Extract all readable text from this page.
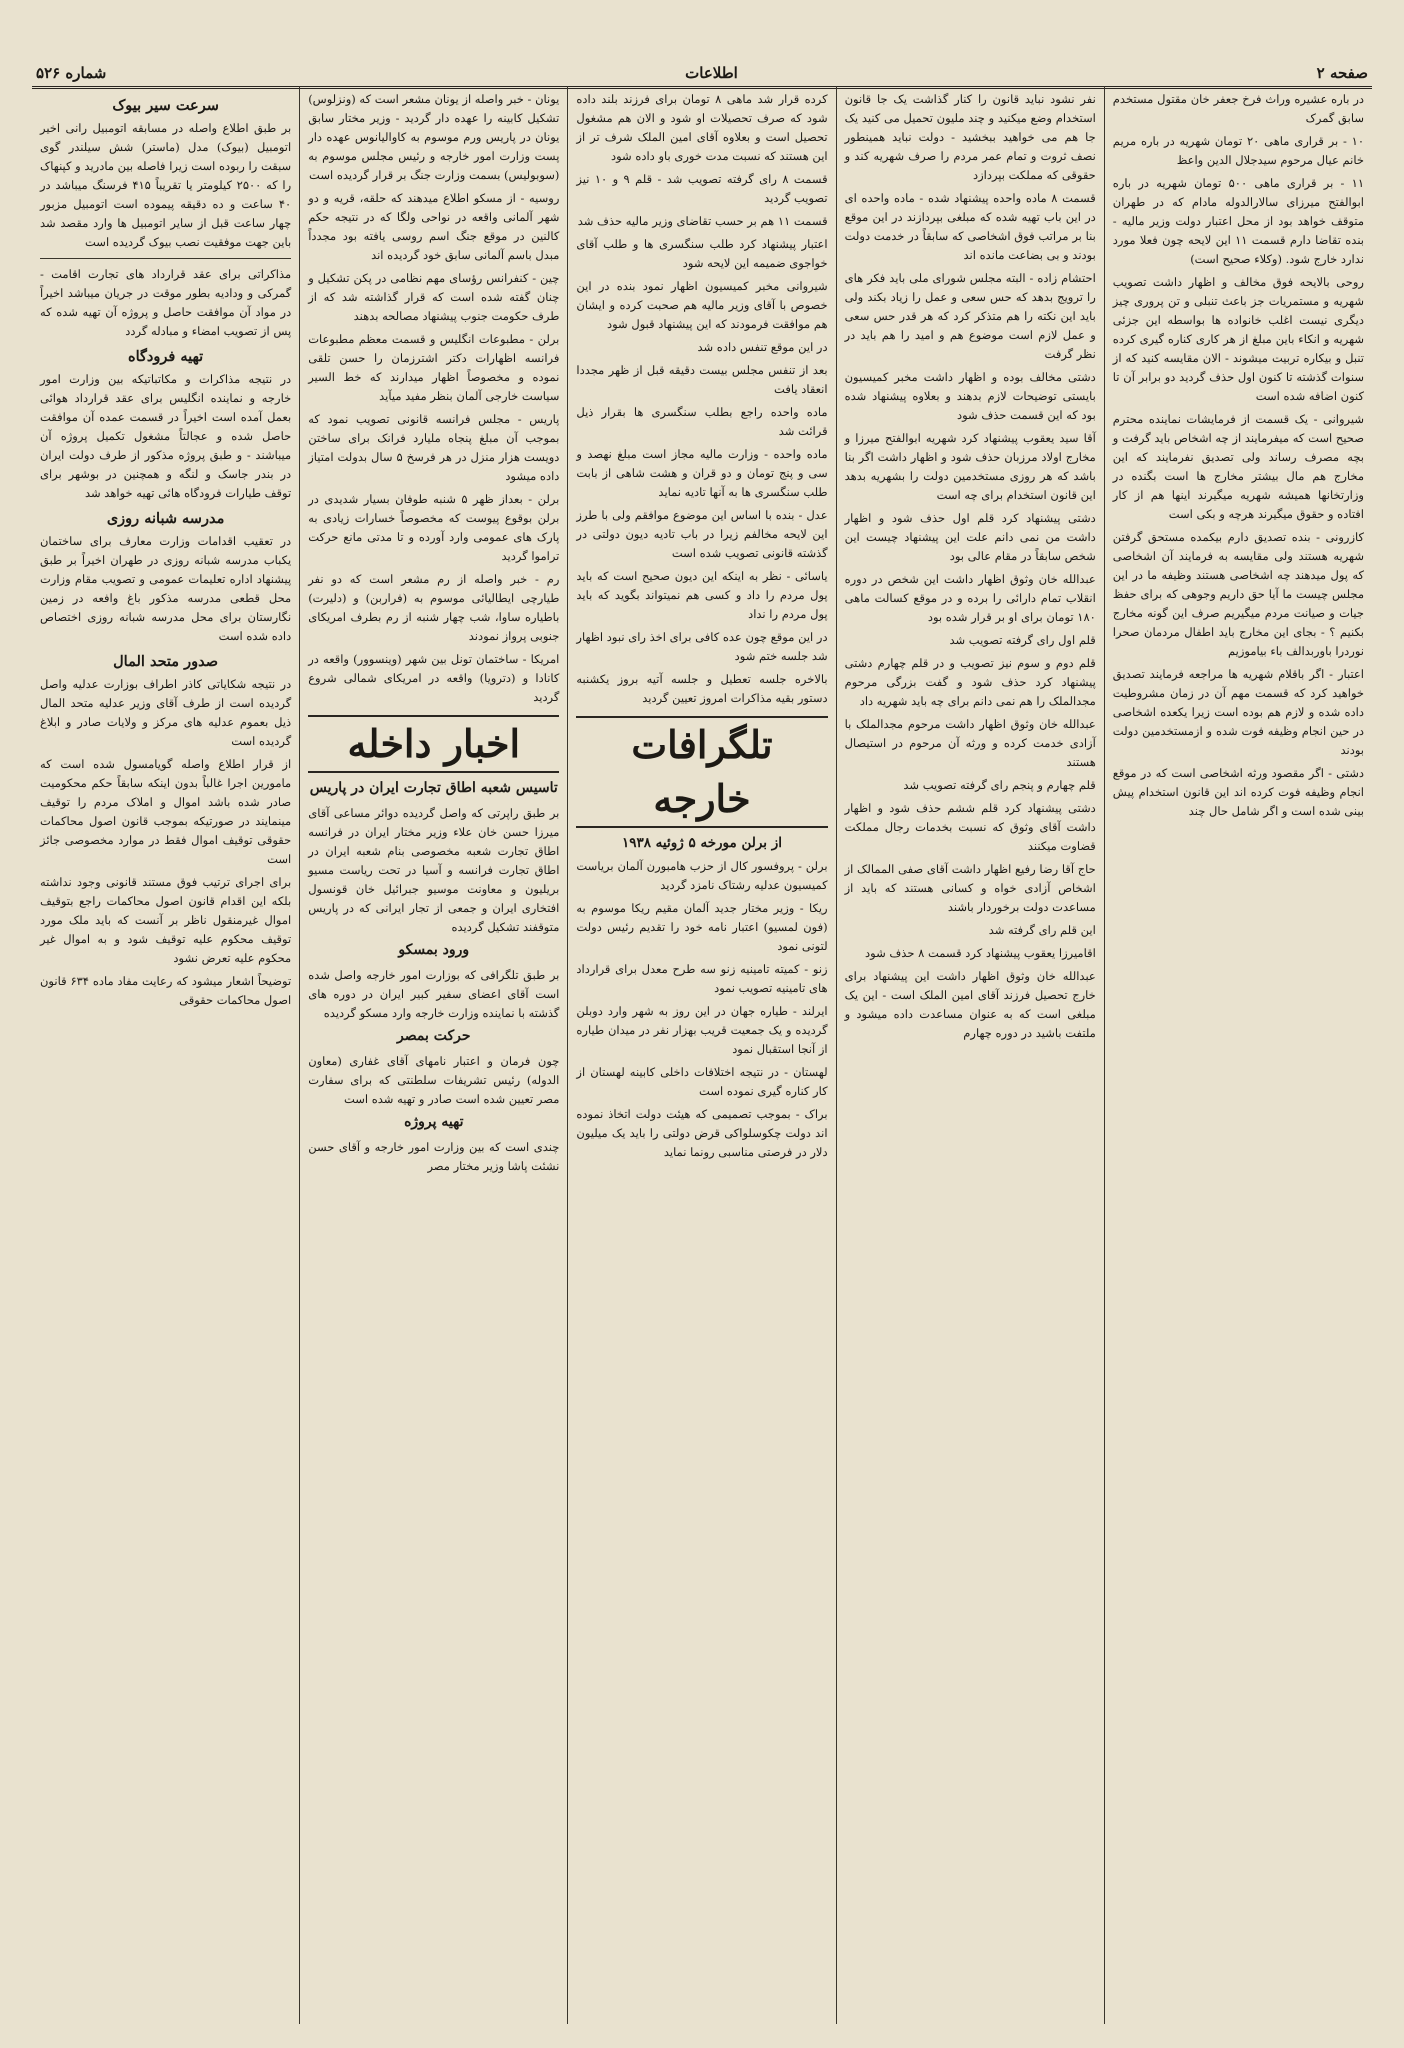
صفحه ۲
اطلاعات
شماره ۵۲۶

در باره عشیره وراث فرخ جعفر خان مقتول مستخدم سابق گمرک

۱۰ - بر قراری ماهی ۲۰ تومان شهریه در باره مریم خانم عیال مرحوم سیدجلال الدین واعظ

۱۱ - بر قراری ماهی ۵۰۰ تومان شهریه در باره ابوالفتح میرزای سالارالدوله مادام که در طهران متوقف خواهد بود از محل اعتبار دولت وزیر مالیه - بنده تقاضا دارم قسمت ۱۱ این لایحه چون فعلا مورد ندارد خارج شود. (وکلاء صحیح است)

روحی بالایحه فوق مخالف و اظهار داشت تصویب شهریه و مستمریات جز باعث تنبلی و تن پروری چیز دیگری نیست اغلب خانواده ها بواسطه این جزئی شهریه و انکاء باین مبلغ از هر کاری کناره گیری کرده تنبل و بیکاره تربیت میشوند - الان مقایسه کنید که از سنوات گذشته تا کنون اول حذف گردید دو برابر آن تا کنون اضافه شده است

شیروانی - یک قسمت از فرمایشات نماینده محترم صحیح است که میفرمایند از چه اشخاص باید گرفت و بچه مصرف رساند ولی تصدیق نفرمایند که این مخارج هم مال بیشتر مخارج ها است بگنده در وزارتخانها همیشه شهریه میگیرند اینها هم از کار افتاده و حقوق میگیرند هرچه و بکی است

کازرونی - بنده تصدیق دارم بیکمده مستحق گرفتن شهریه هستند ولی مقایسه به فرمایند آن اشخاصی که پول میدهند چه اشخاصی هستند وظیفه ما در این مجلس چیست ما آیا حق داریم وجوهی که برای حفظ جیات و صیانت مردم میگیریم صرف این گونه مخارج بکنیم ؟ - بجای این مخارج باید اطفال مردمان صحرا نوردرا باوربدالف باء بیاموزیم

اعتبار - اگر باقلام شهریه ها مراجعه فرمایند تصدیق خواهید کرد که قسمت مهم آن در زمان مشروطیت داده شده و لازم هم بوده است زیرا یکعده اشخاصی در حین انجام وظیفه فوت شده و ازمستخدمین دولت بودند

دشتی - اگر مقصود ورثه اشخاصی است که در موقع انجام وظیفه فوت کرده اند این قانون استخدام پیش بینی شده است و اگر شامل حال چند

نفر نشود نباید قانون را کنار گذاشت یک جا قانون استخدام وضع میکنید و چند ملیون تحمیل می کنید یک جا هم می خواهید ببخشید - دولت نباید همینطور نصف ثروت و تمام عمر مردم را صرف شهریه کند و حقوقی که مملکت بپردازد

قسمت ۸ ماده واحده پیشنهاد شده - ماده واحده ای در این باب تهیه شده که مبلغی بپردازند در این موقع بنا بر مراتب فوق اشخاصی که سابقاً در خدمت دولت بودند و بی بضاعت مانده اند

احتشام زاده - البته مجلس شورای ملی باید فکر های را ترویج بدهد که حس سعی و عمل را زیاد بکند ولی باید این نکته را هم متذکر کرد که هر قدر حس سعی و عمل لازم است موضوع هم و امید را هم باید در نظر گرفت

دشتی مخالف بوده و اظهار داشت مخبر کمیسیون بایستی توضیحات لازم بدهند و بعلاوه پیشنهاد شده بود که این قسمت حذف شود

آقا سید یعقوب پیشنهاد کرد شهریه ابوالفتح میرزا و مخارج اولاد مرزبان حذف شود و اظهار داشت اگر بنا باشد که هر روزی مستخدمین دولت را بشهریه بدهد این قانون استخدام برای چه است

دشتی پیشنهاد کرد قلم اول حذف شود و اظهار داشت من نمی دانم علت این پیشنهاد چیست این شخص سابقاً در مقام عالی بود

عبدالله خان وثوق اظهار داشت این شخص در دوره انقلاب تمام دارائی را برده و در موقع کسالت ماهی ۱۸۰ تومان برای او بر قرار شده بود

قلم اول رای گرفته تصویب شد

قلم دوم و سوم نیز تصویب و در قلم چهارم دشتی پیشنهاد کرد حذف شود و گفت بزرگی مرحوم مجدالملک را هم نمی دانم برای چه باید شهریه داد

عبدالله خان وثوق اظهار داشت مرحوم مجدالملک با آزادی خدمت کرده و ورثه آن مرحوم در استیصال هستند

قلم چهارم و پنجم رای گرفته تصویب شد

دشتی پیشنهاد کرد قلم ششم حذف شود و اظهار داشت آقای وثوق که نسبت بخدمات رجال مملکت قضاوت میکنند

حاج آقا رضا رفیع اظهار داشت آقای صفی الممالک از اشخاص آزادی خواه و کسانی هستند که باید از مساعدت دولت برخوردار باشند

این قلم رای گرفته شد

اقامیرزا یعقوب پیشنهاد کرد قسمت ۸ حذف شود

عبدالله خان وثوق اظهار داشت این پیشنهاد برای خارج تحصیل فرزند آقای امین الملک است - این یک مبلغی است که به عنوان مساعدت داده میشود و ملتفت باشید در دوره چهارم

کرده قرار شد ماهی ۸ تومان برای فرزند بلند داده شود که صرف تحصیلات او شود و الان هم مشغول تحصیل است و بعلاوه آقای امین الملک شرف تر از این هستند که نسبت مدت خوری باو داده شود

قسمت ۸ رای گرفته تصویب شد - قلم ۹ و ۱۰ نیز تصویب گردید

قسمت ۱۱ هم بر حسب تقاضای وزیر مالیه حذف شد

اعتبار پیشنهاد کرد طلب سنگسری ها و طلب آقای خواجوی ضمیمه این لایحه شود

شیروانی مخبر کمیسیون اظهار نمود بنده در این خصوص با آقای وزیر مالیه هم صحبت کرده و ایشان هم موافقت فرمودند که این پیشنهاد قبول شود

در این موقع تنفس داده شد

بعد از تنفس مجلس بیست دقیقه قبل از ظهر مجددا انعقاد یافت

ماده واحده راجع بطلب سنگسری ها بقرار ذیل قرائت شد

ماده واحده - وزارت مالیه مجاز است مبلغ نهصد و سی و پنج تومان و دو قران و هشت شاهی از بابت طلب سنگسری ها به آنها تادیه نماید

عدل - بنده با اساس این موضوع موافقم ولی با طرز این لایحه مخالفم زیرا در باب تادیه دیون دولتی در گذشته قانونی تصویب شده است

یاسائی - نظر به اینکه این دیون صحیح است که باید پول مردم را داد و کسی هم نمیتواند بگوید که باید پول مردم را نداد

در این موقع چون عده کافی برای اخذ رای نبود اظهار شد جلسه ختم شود

بالاخره جلسه تعطیل و جلسه آتیه بروز یکشنبه دستور بقیه مذاکرات امروز تعیین گردید

تلگرافات خارجه
از برلن مورخه ۵ ژوئیه ۱۹۳۸

برلن - پروفسور کال از حزب هامبورن آلمان بریاست کمیسیون عدلیه رشتاک نامزد گردید

ریکا - وزیر مختار جدید آلمان مقیم ریکا موسوم به (فون لمسیو) اعتبار نامه خود را تقدیم رئیس دولت لتونی نمود

زنو - کمیته تامینیه زنو سه طرح معدل برای قرارداد های تامینیه تصویب نمود

ایرلند - طیاره جهان در این روز به شهر وارد دوبلن گردیده و یک جمعیت قریب بهزار نفر در میدان طیاره از آنجا استقبال نمود

لهستان - در نتیجه اختلافات داخلی کابینه لهستان از کار کناره گیری نموده است

براک - بموجب تصمیمی که هیئت دولت اتخاذ نموده اند دولت چکوسلواکی قرض دولتی را باید یک میلیون دلار در فرصتی مناسبی رونما نماید

یونان - خبر واصله از یونان مشعر است که (ونزلوس) تشکیل کابینه را عهده دار گردید - وزیر مختار سابق یونان در پاریس ورم موسوم به کاوالیانوس عهده دار پست وزارت امور خارجه و رئیس مجلس موسوم به (سوبولیس) بسمت وزارت جنگ بر قرار گردیده است

روسیه - از مسکو اطلاع میدهند که حلقه، قریه و دو شهر آلمانی واقعه در نواحی ولگا که در نتیجه حکم کالنین در موقع جنگ اسم روسی یافته بود مجدداً مبدل باسم آلمانی سابق خود گردیده اند

چین - کنفرانس رؤسای مهم نظامی در پکن تشکیل و چنان گفته شده است که قرار گذاشته شد که از طرف حکومت جنوب پیشنهاد مصالحه بدهند

برلن - مطبوعات انگلیس و قسمت معظم مطبوعات فرانسه اظهارات دکتر اشترزمان را حسن تلقی نموده و مخصوصاً اظهار میدارند که خط السیر سیاست خارجی آلمان بنظر مفید میآید

پاریس - مجلس فرانسه قانونی تصویب نمود که بموجب آن مبلغ پنجاه ملیارد فرانک برای ساختن دویست هزار منزل در هر فرسخ ۵ سال بدولت امتیاز داده میشود

برلن - بعداز ظهر ۵ شنبه طوفان بسیار شدیدی در برلن بوقوع پیوست که مخصوصاً خسارات زیادی به پارک های عمومی وارد آورده و تا مدتی مانع حرکت تراموا گردید

رم - خبر واصله از رم مشعر است که دو نفر طیارچی ایطالیائی موسوم به (فراربن) و (دلیرت) باطیاره ساوا، شب چهار شنبه از رم بطرف امریکای جنوبی پرواز نمودند

امریکا - ساختمان تونل بین شهر (وینسوور) واقعه در کانادا و (دترویا) واقعه در امریکای شمالی شروع گردید

اخبار داخله
تاسیس شعبه اطاق تجارت ایران در پاریس

بر طبق راپرتی که واصل گردیده دوائر مساعی آقای میرزا حسن خان علاء وزیر مختار ایران در فرانسه اطاق تجارت شعبه مخصوصی بنام شعبه ایران در اطاق تجارت فرانسه و آسیا در تحت ریاست مسیو بریلیون و معاونت موسیو جبرائیل خان قونسول افتخاری ایران و جمعی از تجار ایرانی که در پاریس متوقفند تشکیل گردیده

ورود بمسکو

بر طبق تلگرافی که بوزارت امور خارجه واصل شده است آقای اعضای سفیر کبیر ایران در دوره های گذشته با نماینده وزارت خارجه وارد مسکو گردیده

حرکت بمصر

چون فرمان و اعتبار نامهای آقای غفاری (معاون الدوله) رئیس تشریفات سلطنتی که برای سفارت مصر تعیین شده است صادر و تهیه شده است

تهیه پروژه

چندی است که بین وزارت امور خارجه و آقای حسن نشئت پاشا وزیر مختار مصر

سرعت سیر بیوک

بر طبق اطلاع واصله در مسابقه اتومبیل رانی اخیر اتومبیل (بیوک) مدل (ماستر) شش سیلندر گوی سبقت را ربوده است زیرا فاصله بین مادرید و کپنهاک را که ۲۵۰۰ کیلومتر یا تقریباً ۴۱۵ فرسنگ میباشد در ۴۰ ساعت و ده دقیقه پیموده است اتومبیل مزبور چهار ساعت قبل از سایر اتومبیل ها وارد مقصد شد باین جهت موفقیت نصب بیوک گردیده است

مذاکراتی برای عقد قرارداد های تجارت اقامت - گمرکی و ودادیه بطور موقت در جریان میباشد اخیراً در مواد آن موافقت حاصل و پروژه آن تهیه شده که پس از تصویب امضاء و مبادله گردد

تهیه فرودگاه

در نتیجه مذاکرات و مکاتباتیکه بین وزارت امور خارجه و نماینده انگلیس برای عقد قرارداد هوائی بعمل آمده است اخیراً در قسمت عمده آن موافقت حاصل شده و عجالتاً مشغول تکمیل پروژه آن میباشند - و طبق پروژه مذکور از طرف دولت ایران در بندر جاسک و لنگه و همچنین در بوشهر برای توقف طیارات فرودگاه هائی تهیه خواهد شد

مدرسه شبانه روزی

در تعقیب اقدامات وزارت معارف برای ساختمان یکباب مدرسه شبانه روزی در طهران اخیراً بر طبق پیشنهاد اداره تعلیمات عمومی و تصویب مقام وزارت محل قطعی مدرسه مذکور باغ وافعه در زمین نگارستان برای محل مدرسه شبانه روزی اختصاص داده شده است

صدور متحد المال

در نتیجه شکایاتی کاذر اطراف بوزارت عدلیه واصل گردیده است از طرف آقای وزیر عدلیه متحد المال ذیل بعموم عدلیه های مرکز و ولایات صادر و ابلاغ گردیده است

از قرار اطلاع واصله گویامسول شده است که مامورین اجرا غالباً بدون اینکه سابقاً حکم محکومیت صادر شده باشد اموال و املاک مردم را توقیف مینمایند در صورتیکه بموجب قانون اصول محاکمات حقوقی توقیف اموال فقط در موارد مخصوصی جائز است

برای اجرای ترتیب فوق مستند قانونی وجود نداشته بلکه این اقدام قانون اصول محاکمات راجع بتوقیف اموال غیرمنقول ناظر بر آنست که باید ملک مورد توقیف محکوم علیه توقیف شود و به اموال غیر محکوم علیه تعرض نشود

توضیحاً اشعار میشود که رعایت مفاد ماده ۶۳۴ قانون اصول محاکمات حقوقی
